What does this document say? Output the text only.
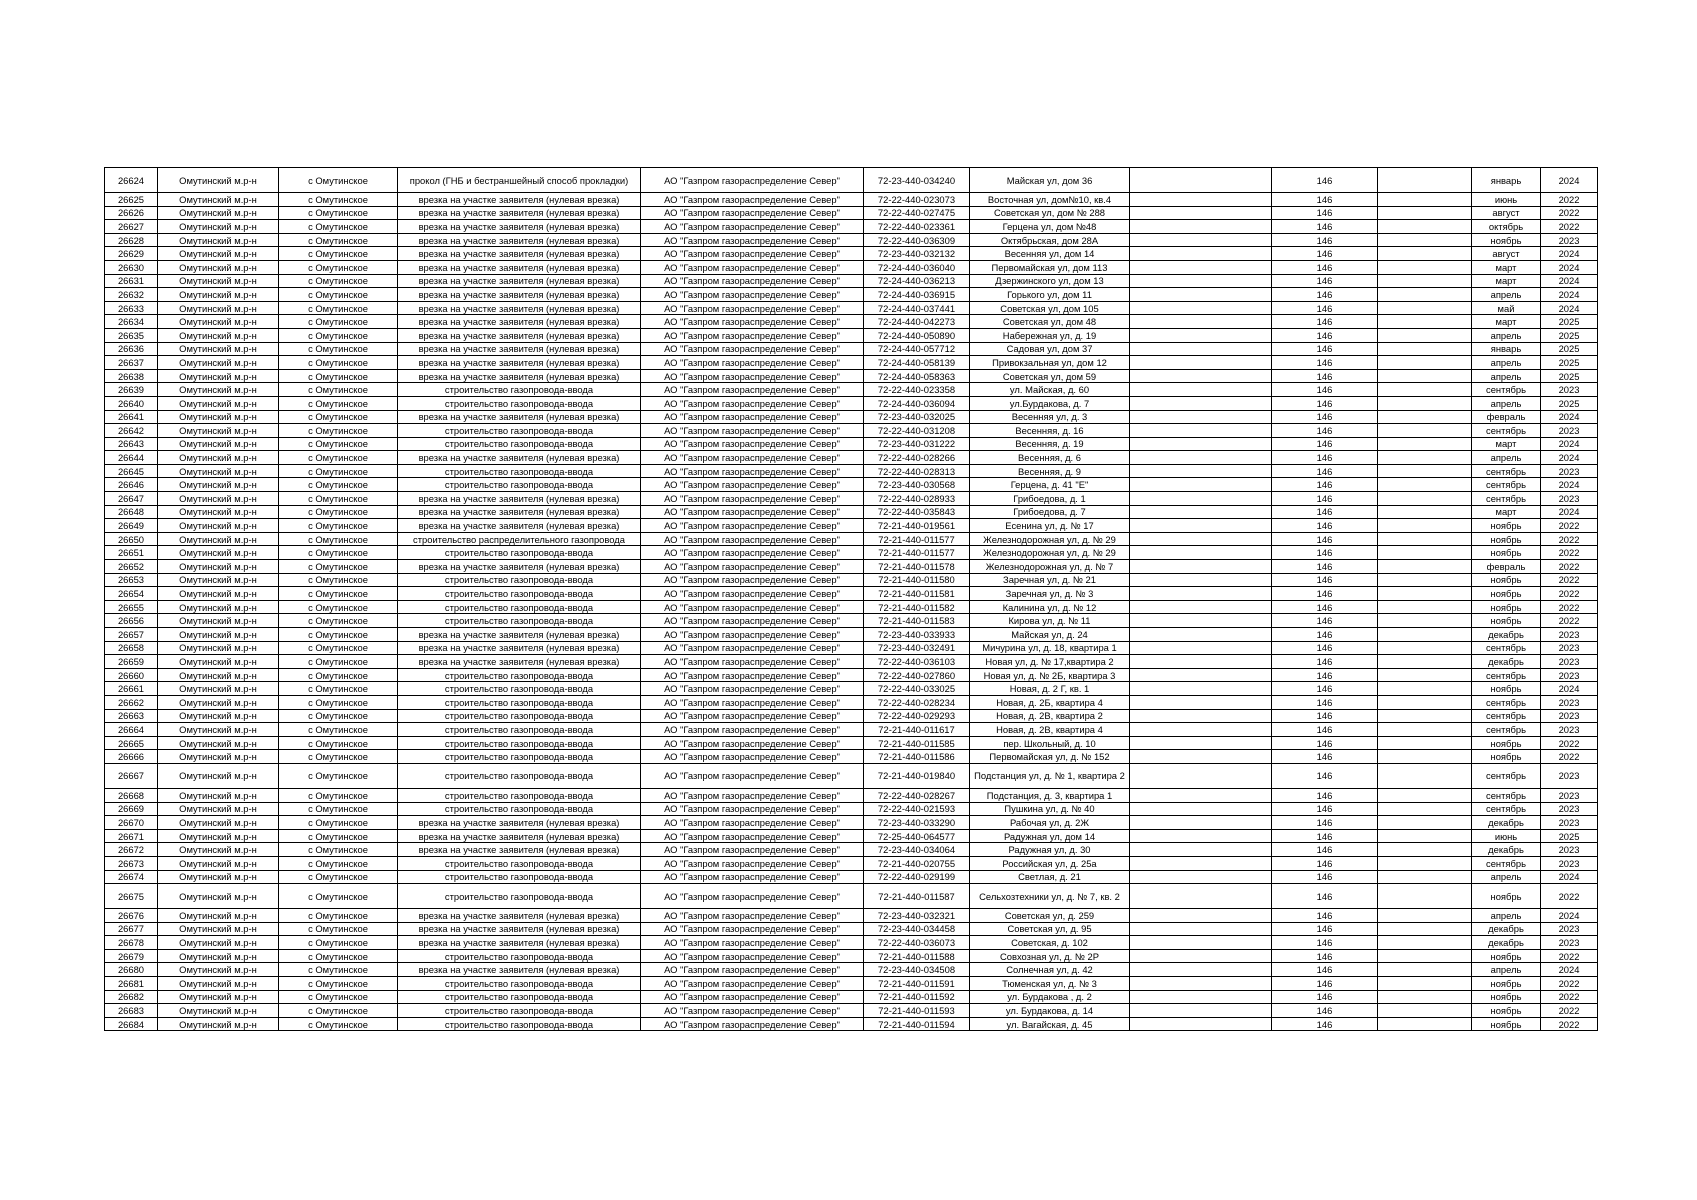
26624	Омутинский м.р-н	с Омутинское	прокол (ГНБ и бестраншейный способ прокладки)	АО "Газпром газораспределение Север"	72-23-440-034240	Майская ул, дом 36		146		январь	2024
26625	Омутинский м.р-н	с Омутинское	врезка на участке заявителя (нулевая врезка)	АО "Газпром газораспределение Север"	72-22-440-023073	Восточная ул, дом№10, кв.4		146		июнь	2022
26626	Омутинский м.р-н	с Омутинское	врезка на участке заявителя (нулевая врезка)	АО "Газпром газораспределение Север"	72-22-440-027475	Советская ул, дом № 288		146		август	2022
26627	Омутинский м.р-н	с Омутинское	врезка на участке заявителя (нулевая врезка)	АО "Газпром газораспределение Север"	72-22-440-023361	Герцена ул, дом №48		146		октябрь	2022
26628	Омутинский м.р-н	с Омутинское	врезка на участке заявителя (нулевая врезка)	АО "Газпром газораспределение Север"	72-22-440-036309	Октябрьская, дом 28А		146		ноябрь	2023
26629	Омутинский м.р-н	с Омутинское	врезка на участке заявителя (нулевая врезка)	АО "Газпром газораспределение Север"	72-23-440-032132	Весенняя ул, дом 14		146		август	2024
26630	Омутинский м.р-н	с Омутинское	врезка на участке заявителя (нулевая врезка)	АО "Газпром газораспределение Север"	72-24-440-036040	Первомайская ул, дом 113		146		март	2024
26631	Омутинский м.р-н	с Омутинское	врезка на участке заявителя (нулевая врезка)	АО "Газпром газораспределение Север"	72-24-440-036213	Дзержинского ул, дом 13		146		март	2024
26632	Омутинский м.р-н	с Омутинское	врезка на участке заявителя (нулевая врезка)	АО "Газпром газораспределение Север"	72-24-440-036915	Горького ул, дом 11		146		апрель	2024
26633	Омутинский м.р-н	с Омутинское	врезка на участке заявителя (нулевая врезка)	АО "Газпром газораспределение Север"	72-24-440-037441	Советская ул, дом 105		146		май	2024
26634	Омутинский м.р-н	с Омутинское	врезка на участке заявителя (нулевая врезка)	АО "Газпром газораспределение Север"	72-24-440-042273	Советская ул, дом 48		146		март	2025
26635	Омутинский м.р-н	с Омутинское	врезка на участке заявителя (нулевая врезка)	АО "Газпром газораспределение Север"	72-24-440-050890	Набережная ул, д. 19		146		апрель	2025
26636	Омутинский м.р-н	с Омутинское	врезка на участке заявителя (нулевая врезка)	АО "Газпром газораспределение Север"	72-24-440-057712	Садовая ул, дом 37		146		январь	2025
26637	Омутинский м.р-н	с Омутинское	врезка на участке заявителя (нулевая врезка)	АО "Газпром газораспределение Север"	72-24-440-058139	Привокзальная ул, дом 12		146		апрель	2025
26638	Омутинский м.р-н	с Омутинское	врезка на участке заявителя (нулевая врезка)	АО "Газпром газораспределение Север"	72-24-440-058363	Советская ул, дом 59		146		апрель	2025
26639	Омутинский м.р-н	с Омутинское	строительство газопровода-ввода	АО "Газпром газораспределение Север"	72-22-440-023358	ул. Майская, д. 60		146		сентябрь	2023
26640	Омутинский м.р-н	с Омутинское	строительство газопровода-ввода	АО "Газпром газораспределение Север"	72-24-440-036094	ул.Бурдакова, д. 7		146		апрель	2025
26641	Омутинский м.р-н	с Омутинское	врезка на участке заявителя (нулевая врезка)	АО "Газпром газораспределение Север"	72-23-440-032025	Весенняя ул, д. 3		146		февраль	2024
26642	Омутинский м.р-н	с Омутинское	строительство газопровода-ввода	АО "Газпром газораспределение Север"	72-22-440-031208	Весенняя, д. 16		146		сентябрь	2023
26643	Омутинский м.р-н	с Омутинское	строительство газопровода-ввода	АО "Газпром газораспределение Север"	72-23-440-031222	Весенняя, д. 19		146		март	2024
26644	Омутинский м.р-н	с Омутинское	врезка на участке заявителя (нулевая врезка)	АО "Газпром газораспределение Север"	72-22-440-028266	Весенняя, д. 6		146		апрель	2024
26645	Омутинский м.р-н	с Омутинское	строительство газопровода-ввода	АО "Газпром газораспределение Север"	72-22-440-028313	Весенняя, д. 9		146		сентябрь	2023
26646	Омутинский м.р-н	с Омутинское	строительство газопровода-ввода	АО "Газпром газораспределение Север"	72-23-440-030568	Герцена, д. 41 "Е"		146		сентябрь	2024
26647	Омутинский м.р-н	с Омутинское	врезка на участке заявителя (нулевая врезка)	АО "Газпром газораспределение Север"	72-22-440-028933	Грибоедова, д. 1		146		сентябрь	2023
26648	Омутинский м.р-н	с Омутинское	врезка на участке заявителя (нулевая врезка)	АО "Газпром газораспределение Север"	72-22-440-035843	Грибоедова, д. 7		146		март	2024
26649	Омутинский м.р-н	с Омутинское	врезка на участке заявителя (нулевая врезка)	АО "Газпром газораспределение Север"	72-21-440-019561	Есенина ул, д. № 17		146		ноябрь	2022
26650	Омутинский м.р-н	с Омутинское	строительство распределительного газопровода	АО "Газпром газораспределение Север"	72-21-440-011577	Железнодорожная ул, д. № 29		146		ноябрь	2022
26651	Омутинский м.р-н	с Омутинское	строительство газопровода-ввода	АО "Газпром газораспределение Север"	72-21-440-011577	Железнодорожная ул, д. № 29		146		ноябрь	2022
26652	Омутинский м.р-н	с Омутинское	врезка на участке заявителя (нулевая врезка)	АО "Газпром газораспределение Север"	72-21-440-011578	Железнодорожная ул, д. № 7		146		февраль	2022
26653	Омутинский м.р-н	с Омутинское	строительство газопровода-ввода	АО "Газпром газораспределение Север"	72-21-440-011580	Заречная ул, д. № 21		146		ноябрь	2022
26654	Омутинский м.р-н	с Омутинское	строительство газопровода-ввода	АО "Газпром газораспределение Север"	72-21-440-011581	Заречная ул, д. № 3		146		ноябрь	2022
26655	Омутинский м.р-н	с Омутинское	строительство газопровода-ввода	АО "Газпром газораспределение Север"	72-21-440-011582	Калинина ул, д. № 12		146		ноябрь	2022
26656	Омутинский м.р-н	с Омутинское	строительство газопровода-ввода	АО "Газпром газораспределение Север"	72-21-440-011583	Кирова ул, д. № 11		146		ноябрь	2022
26657	Омутинский м.р-н	с Омутинское	врезка на участке заявителя (нулевая врезка)	АО "Газпром газораспределение Север"	72-23-440-033933	Майская ул, д. 24		146		декабрь	2023
26658	Омутинский м.р-н	с Омутинское	врезка на участке заявителя (нулевая врезка)	АО "Газпром газораспределение Север"	72-23-440-032491	Мичурина ул, д. 18, квартира 1		146		сентябрь	2023
26659	Омутинский м.р-н	с Омутинское	врезка на участке заявителя (нулевая врезка)	АО "Газпром газораспределение Север"	72-22-440-036103	Новая ул, д. № 17,квартира 2		146		декабрь	2023
26660	Омутинский м.р-н	с Омутинское	строительство газопровода-ввода	АО "Газпром газораспределение Север"	72-22-440-027860	Новая ул, д. № 2Б, квартира 3		146		сентябрь	2023
26661	Омутинский м.р-н	с Омутинское	строительство газопровода-ввода	АО "Газпром газораспределение Север"	72-22-440-033025	Новая, д. 2 Г, кв. 1		146		ноябрь	2024
26662	Омутинский м.р-н	с Омутинское	строительство газопровода-ввода	АО "Газпром газораспределение Север"	72-22-440-028234	Новая, д. 2Б, квартира 4		146		сентябрь	2023
26663	Омутинский м.р-н	с Омутинское	строительство газопровода-ввода	АО "Газпром газораспределение Север"	72-22-440-029293	Новая, д. 2В, квартира 2		146		сентябрь	2023
26664	Омутинский м.р-н	с Омутинское	строительство газопровода-ввода	АО "Газпром газораспределение Север"	72-21-440-011617	Новая, д. 2В, квартира 4		146		сентябрь	2023
26665	Омутинский м.р-н	с Омутинское	строительство газопровода-ввода	АО "Газпром газораспределение Север"	72-21-440-011585	пер. Школьный, д. 10		146		ноябрь	2022
26666	Омутинский м.р-н	с Омутинское	строительство газопровода-ввода	АО "Газпром газораспределение Север"	72-21-440-011586	Первомайская ул, д. № 152		146		ноябрь	2022
26667	Омутинский м.р-н	с Омутинское	строительство газопровода-ввода	АО "Газпром газораспределение Север"	72-21-440-019840	Подстанция ул, д. № 1, квартира 2		146		сентябрь	2023
26668	Омутинский м.р-н	с Омутинское	строительство газопровода-ввода	АО "Газпром газораспределение Север"	72-22-440-028267	Подстанция, д. 3, квартира 1		146		сентябрь	2023
26669	Омутинский м.р-н	с Омутинское	строительство газопровода-ввода	АО "Газпром газораспределение Север"	72-22-440-021593	Пушкина ул, д. № 40		146		сентябрь	2023
26670	Омутинский м.р-н	с Омутинское	врезка на участке заявителя (нулевая врезка)	АО "Газпром газораспределение Север"	72-23-440-033290	Рабочая ул, д. 2Ж		146		декабрь	2023
26671	Омутинский м.р-н	с Омутинское	врезка на участке заявителя (нулевая врезка)	АО "Газпром газораспределение Север"	72-25-440-064577	Радужная ул, дом 14		146		июнь	2025
26672	Омутинский м.р-н	с Омутинское	врезка на участке заявителя (нулевая врезка)	АО "Газпром газораспределение Север"	72-23-440-034064	Радужная ул, д. 30		146		декабрь	2023
26673	Омутинский м.р-н	с Омутинское	строительство газопровода-ввода	АО "Газпром газораспределение Север"	72-21-440-020755	Российская ул, д. 25а		146		сентябрь	2023
26674	Омутинский м.р-н	с Омутинское	строительство газопровода-ввода	АО "Газпром газораспределение Север"	72-22-440-029199	Светлая, д. 21		146		апрель	2024
26675	Омутинский м.р-н	с Омутинское	строительство газопровода-ввода	АО "Газпром газораспределение Север"	72-21-440-011587	Сельхозтехники ул, д. № 7, кв. 2		146		ноябрь	2022
26676	Омутинский м.р-н	с Омутинское	врезка на участке заявителя (нулевая врезка)	АО "Газпром газораспределение Север"	72-23-440-032321	Советская ул, д. 259		146		апрель	2024
26677	Омутинский м.р-н	с Омутинское	врезка на участке заявителя (нулевая врезка)	АО "Газпром газораспределение Север"	72-23-440-034458	Советская ул, д. 95		146		декабрь	2023
26678	Омутинский м.р-н	с Омутинское	врезка на участке заявителя (нулевая врезка)	АО "Газпром газораспределение Север"	72-22-440-036073	Советская, д. 102		146		декабрь	2023
26679	Омутинский м.р-н	с Омутинское	строительство газопровода-ввода	АО "Газпром газораспределение Север"	72-21-440-011588	Совхозная ул, д. № 2Р		146		ноябрь	2022
26680	Омутинский м.р-н	с Омутинское	врезка на участке заявителя (нулевая врезка)	АО "Газпром газораспределение Север"	72-23-440-034508	Солнечная ул, д. 42		146		апрель	2024
26681	Омутинский м.р-н	с Омутинское	строительство газопровода-ввода	АО "Газпром газораспределение Север"	72-21-440-011591	Тюменская ул, д. № 3		146		ноябрь	2022
26682	Омутинский м.р-н	с Омутинское	строительство газопровода-ввода	АО "Газпром газораспределение Север"	72-21-440-011592	ул. Бурдакова , д. 2		146		ноябрь	2022
26683	Омутинский м.р-н	с Омутинское	строительство газопровода-ввода	АО "Газпром газораспределение Север"	72-21-440-011593	ул. Бурдакова, д. 14		146		ноябрь	2022
26684	Омутинский м.р-н	с Омутинское	строительство газопровода-ввода	АО "Газпром газораспределение Север"	72-21-440-011594	ул. Вагайская, д. 45		146		ноябрь	2022
